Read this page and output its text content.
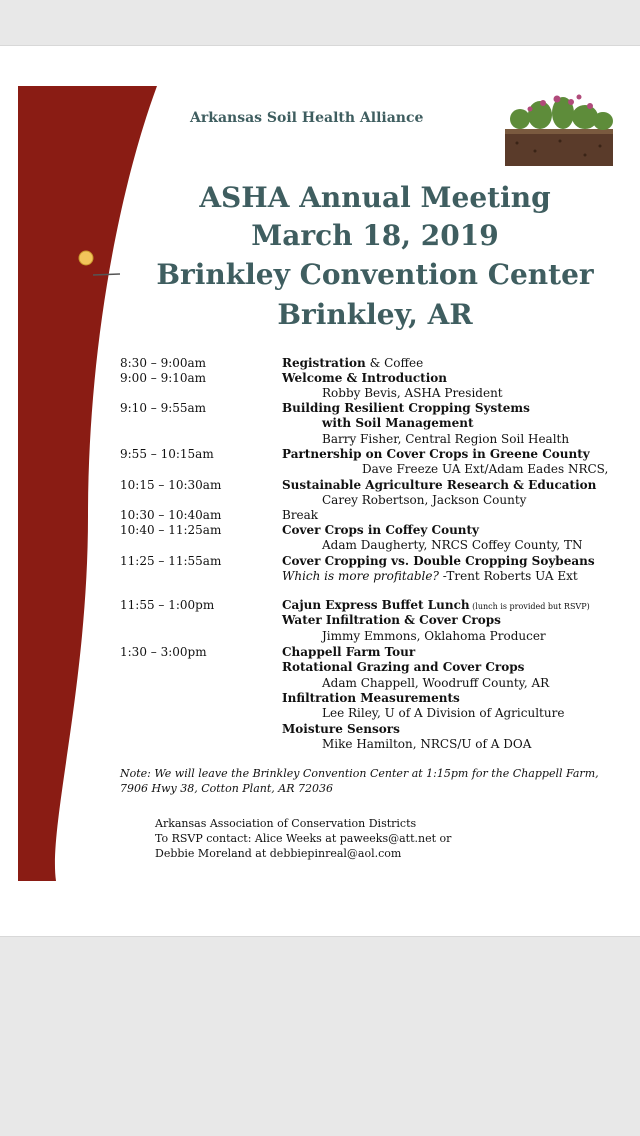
Arkansas Soil Health Alliance
ASHA Annual Meeting
March 18, 2019
Brinkley Convention Center
Brinkley, AR
8:30 – 9:00am	Registration & Coffee
9:00 – 9:10am	Welcome & Introduction
Robby Bevis, ASHA President
9:10 – 9:55am	Building Resilient Cropping Systems
with Soil Management
Barry Fisher, Central Region Soil Health
9:55 – 10:15am	Partnership on Cover Crops in Greene County
Dave Freeze UA Ext/Adam Eades NRCS,
10:15 – 10:30am	Sustainable Agriculture Research & Education
Carey Robertson, Jackson County
10:30 – 10:40am	Break
10:40 – 11:25am	Cover Crops in Coffey County
Adam Daugherty, NRCS Coffey County, TN
11:25 – 11:55am	Cover Cropping vs. Double Cropping Soybeans
Which is more profitable? -Trent Roberts UA Ext
11:55 – 1:00pm	Cajun Express Buffet Lunch (lunch is provided but RSVP)
Water Infiltration & Cover Crops
Jimmy Emmons, Oklahoma Producer
1:30 – 3:00pm	Chappell Farm Tour
Rotational Grazing and Cover Crops
Adam Chappell, Woodruff County, AR
Infiltration Measurements
Lee Riley, U of A Division of Agriculture
Moisture Sensors
Mike Hamilton, NRCS/U of A DOA
Note: We will leave the Brinkley Convention Center at 1:15pm for the Chappell Farm,
7906 Hwy 38, Cotton Plant, AR 72036
Arkansas Association of Conservation Districts
To RSVP contact: Alice Weeks at paweeks@att.net or
Debbie Moreland at debbiepinreal@aol.com
